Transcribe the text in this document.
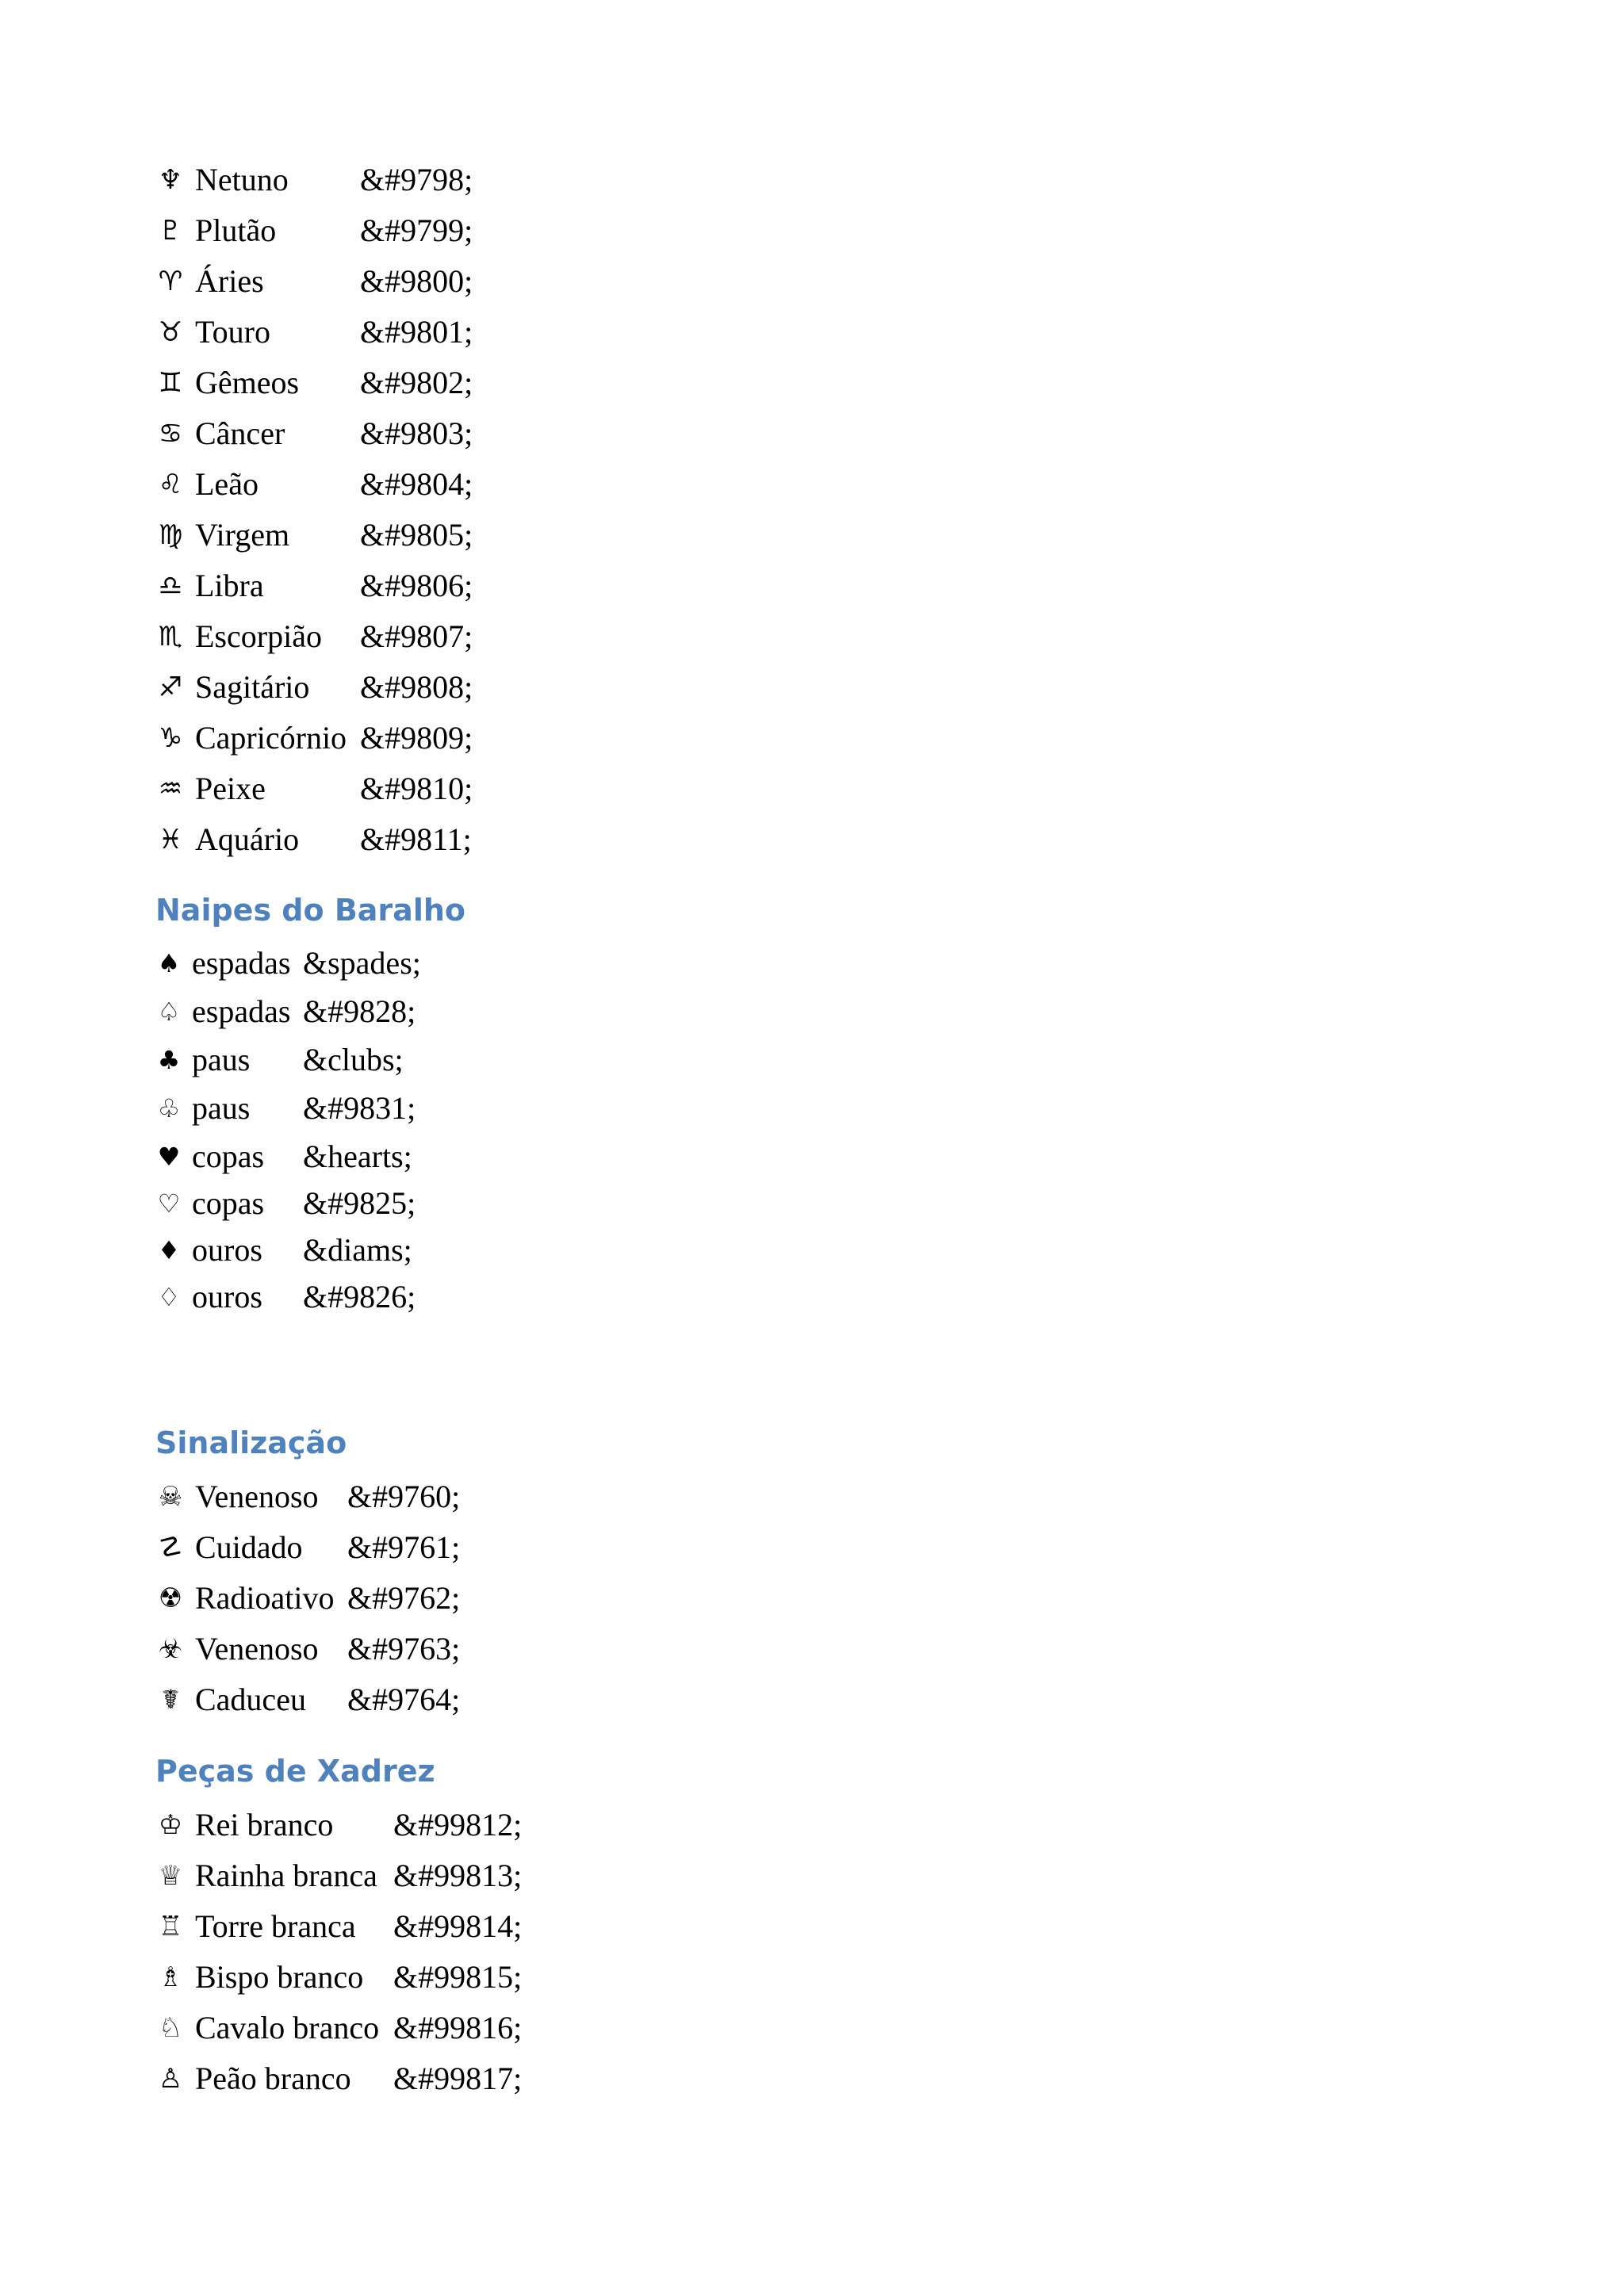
♆ Netuno	&#9798;
♇ Plutão	&#9799;
♈ Áries	&#9800;
♉ Touro	&#9801;
♊ Gêmeos	&#9802;
♋ Câncer	&#9803;
♌ Leão	&#9804;
♍ Virgem	&#9805;
♎ Libra	&#9806;
♏ Escorpião	&#9807;
♐ Sagitário	&#9808;
♑ Capricórnio &#9809;
♒ Peixe	&#9810;
♓ Aquário	&#9811;
Naipes do Baralho
♠ espadas &spades;
♤ espadas &#9828;
♣ paus	&clubs;
♧ paus	&#9831;
♥ copas	&hearts;
♡ copas	&#9825;
♦ ouros	&diams;
♢ ouros	&#9826;
Sinalização
☠ Venenoso &#9760;
☡ Cuidado	&#9761;
☢ Radioativo &#9762;
☣ Venenoso &#9763;
☤ Caduceu	&#9764;
Peças de Xadrez
♔ Rei branco	&#99812;
♕ Rainha branca &#99813;
♖ Torre branca	&#99814;
♗ Bispo branco &#99815;
♘ Cavalo branco &#99816;
♙ Peão branco	&#99817;
